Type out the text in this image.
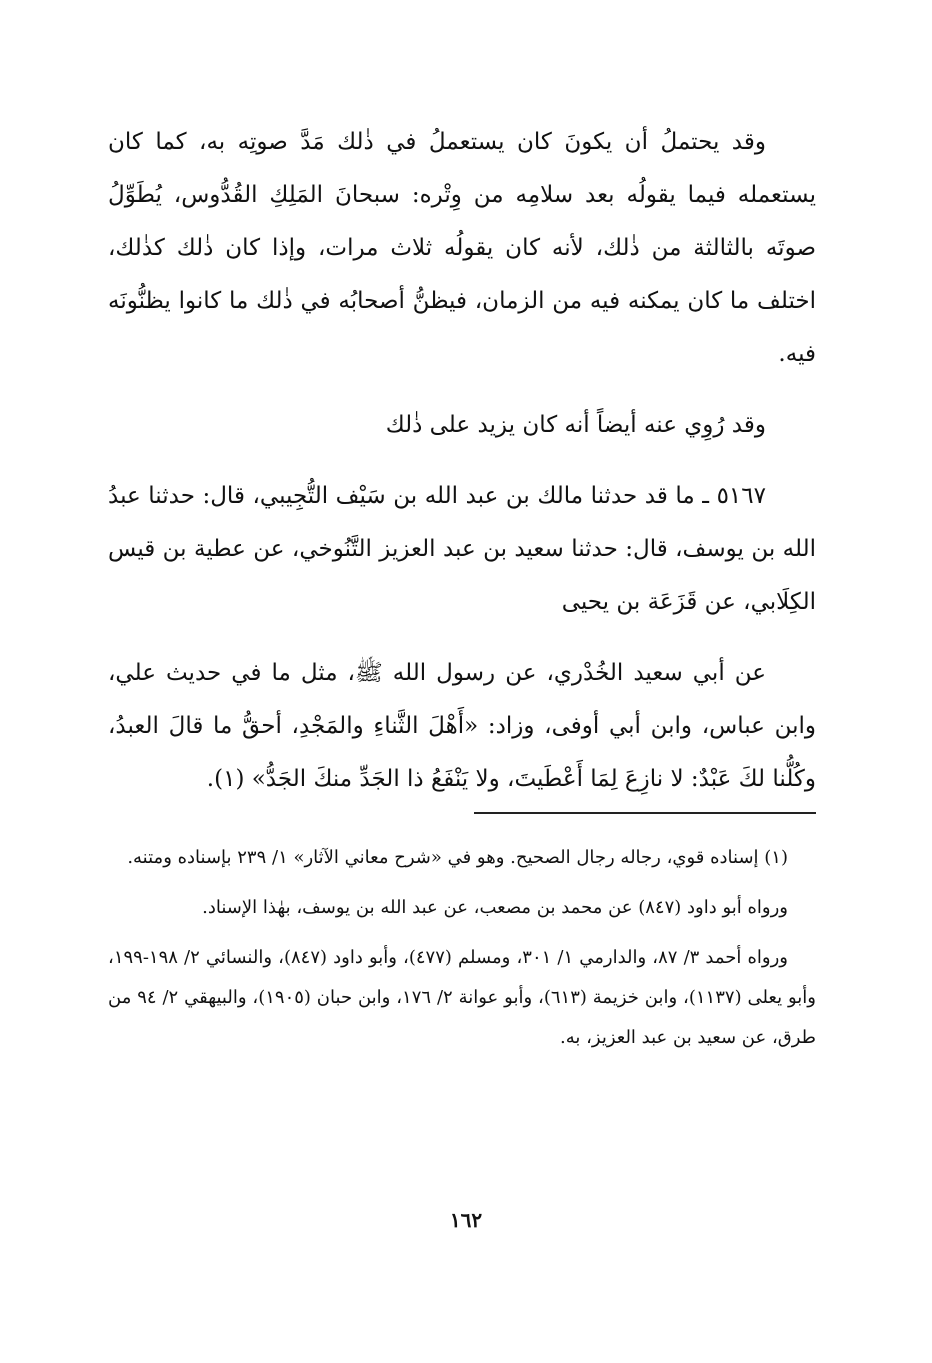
وقد يحتملُ أن يكونَ كان يستعملُ في ذٰلك مَدَّ صوتِه به، كما كان يستعمله فيما يقولُه بعد سلامِه من وِتْره: سبحانَ المَلِكِ القُدُّوس، يُطَوِّلُ صوتَه بالثالثة من ذٰلك، لأنه كان يقولُه ثلاث مرات، وإذا كان ذٰلك كذٰلك، اختلف ما كان يمكنه فيه من الزمان، فيظنُّ أصحابُه في ذٰلك ما كانوا يظنُّونَه فيه.

وقد رُوِي عنه أيضاً أنه كان يزيد على ذٰلك

٥١٦٧ ـ ما قد حدثنا مالك بن عبد الله بن سَيْف التُّجِيبي، قال: حدثنا عبدُ الله بن يوسف، قال: حدثنا سعيد بن عبد العزيز التَّنُوخي، عن عطية بن قيس الكِلَابي، عن قَزَعَة بن يحيى

عن أبي سعيد الخُدْري، عن رسول الله ﷺ، مثل ما في حديث علي، وابن عباس، وابن أبي أوفى، وزاد: «أَهْلَ الثَّناءِ والمَجْدِ، أحقُّ ما قالَ العبدُ، وكُلُّنا لكَ عَبْدٌ: لا نازِعَ لِمَا أَعْطَيتَ، ولا يَنْفَعُ ذا الجَدِّ منكَ الجَدُّ» (١).

(١) إسناده قوي، رجاله رجال الصحيح. وهو في «شرح معاني الآثار» ١/ ٢٣٩ بإسناده ومتنه.

ورواه أبو داود (٨٤٧) عن محمد بن مصعب، عن عبد الله بن يوسف، بهٰذا الإسناد.

ورواه أحمد ٣/ ٨٧، والدارمي ١/ ٣٠١، ومسلم (٤٧٧)، وأبو داود (٨٤٧)، والنسائي ٢/ ١٩٨-١٩٩، وأبو يعلى (١١٣٧)، وابن خزيمة (٦١٣)، وأبو عوانة ٢/ ١٧٦، وابن حبان (١٩٠٥)، والبيهقي ٢/ ٩٤ من طرق، عن سعيد بن عبد العزيز، به.

١٦٢
